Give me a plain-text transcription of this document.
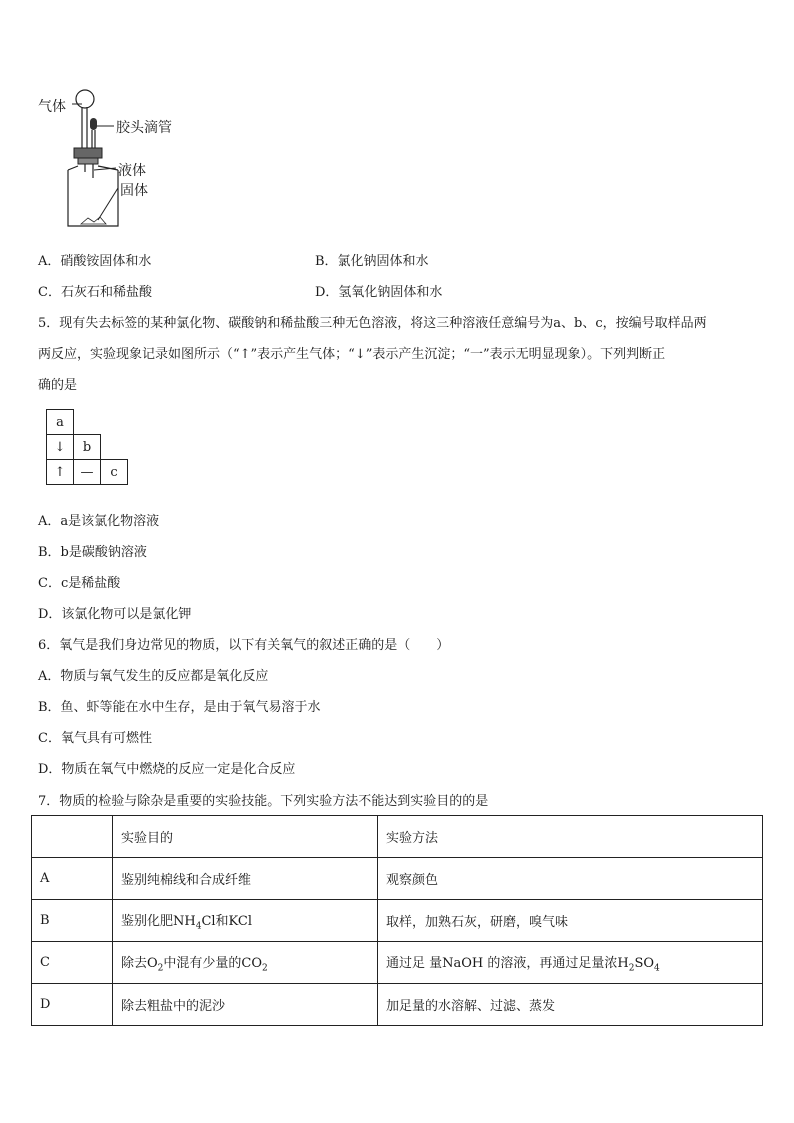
气体
胶头滴管
液体
固体
A．硝酸铵固体和水	B．氯化钠固体和水
C．石灰石和稀盐酸	D．氢氧化钠固体和水
5．现有失去标签的某种氯化物、碳酸钠和稀盐酸三种无色溶液，将这三种溶液任意编号为a、b、c，按编号取样品两
两反应，实验现象记录如图所示（“↑”表示产生气体；“↓”表示产生沉淀；“一”表示无明显现象）。下列判断正
确的是
a		
↓	b	
↑	—	c
A．a是该氯化物溶液
B．b是碳酸钠溶液
C．c是稀盐酸
D．该氯化物可以是氯化钾
6．氧气是我们身边常见的物质，以下有关氧气的叙述正确的是（　　）
A．物质与氧气发生的反应都是氧化反应
B．鱼、虾等能在水中生存，是由于氧气易溶于水
C．氧气具有可燃性
D．物质在氧气中燃烧的反应一定是化合反应
7．物质的检验与除杂是重要的实验技能。下列实验方法不能达到实验目的的是
	实验目的	实验方法
A	鉴别纯棉线和合成纤维	观察颜色
B	鉴别化肥$NH_4Cl$和KCl	取样，加熟石灰，研磨，嗅气味
C	除去$O_2$中混有少量的$CO_2$	通过足 量NaOH 的溶液，再通过足量浓$H_2SO_4$
D	除去粗盐中的泥沙	加足量的水溶解、过滤、蒸发
